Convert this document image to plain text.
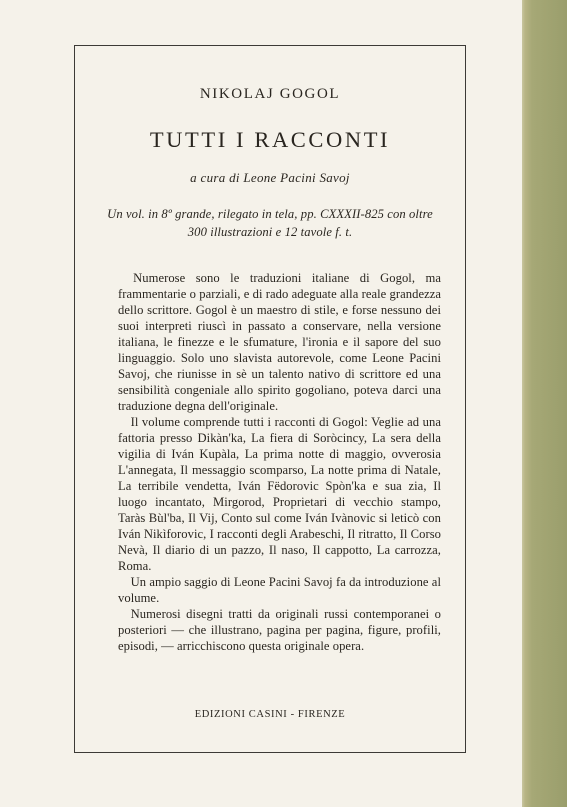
NIKOLAJ GOGOL
TUTTI I RACCONTI
a cura di Leone Pacini Savoj
Un vol. in 8º grande, rilegato in tela, pp. CXXXII-825 con oltre
300 illustrazioni e 12 tavole f. t.

Numerose sono le traduzioni italiane di Gogol, ma frammentarie o parziali, e di rado adeguate alla reale grandezza dello scrittore. Gogol è un maestro di stile, e forse nessuno dei suoi interpreti riuscì in passato a conservare, nella versione italiana, le finezze e le sfumature, l'ironia e il sapore del suo linguaggio. Solo uno slavista autorevole, come Leone Pacini Savoj, che riunisse in sè un talento nativo di scrittore ed una sensibilità congeniale allo spirito gogoliano, poteva darci una traduzione degna dell'originale.

Il volume comprende tutti i racconti di Gogol: Veglie ad una fattoria presso Dikàn'ka, La fiera di Soròcincy, La sera della vigilia di Iván Kupàla, La prima notte di maggio, ovverosia L'annegata, Il messaggio scomparso, La notte prima di Natale, La terribile vendetta, Iván Fëdorovic Spòn'ka e sua zia, Il luogo incantato, Mirgorod, Proprietari di vecchio stampo, Taràs Bùl'ba, Il Vij, Conto sul come Iván Ivànovic si leticò con Iván Nikìforovic, I racconti degli Arabeschi, Il ritratto, Il Corso Nevà, Il diario di un pazzo, Il naso, Il cappotto, La carrozza, Roma.

Un ampio saggio di Leone Pacini Savoj fa da introduzione al volume.

Numerosi disegni tratti da originali russi contemporanei o posteriori — che illustrano, pagina per pagina, figure, profili, episodi, — arricchiscono questa originale opera.

EDIZIONI CASINI - FIRENZE
